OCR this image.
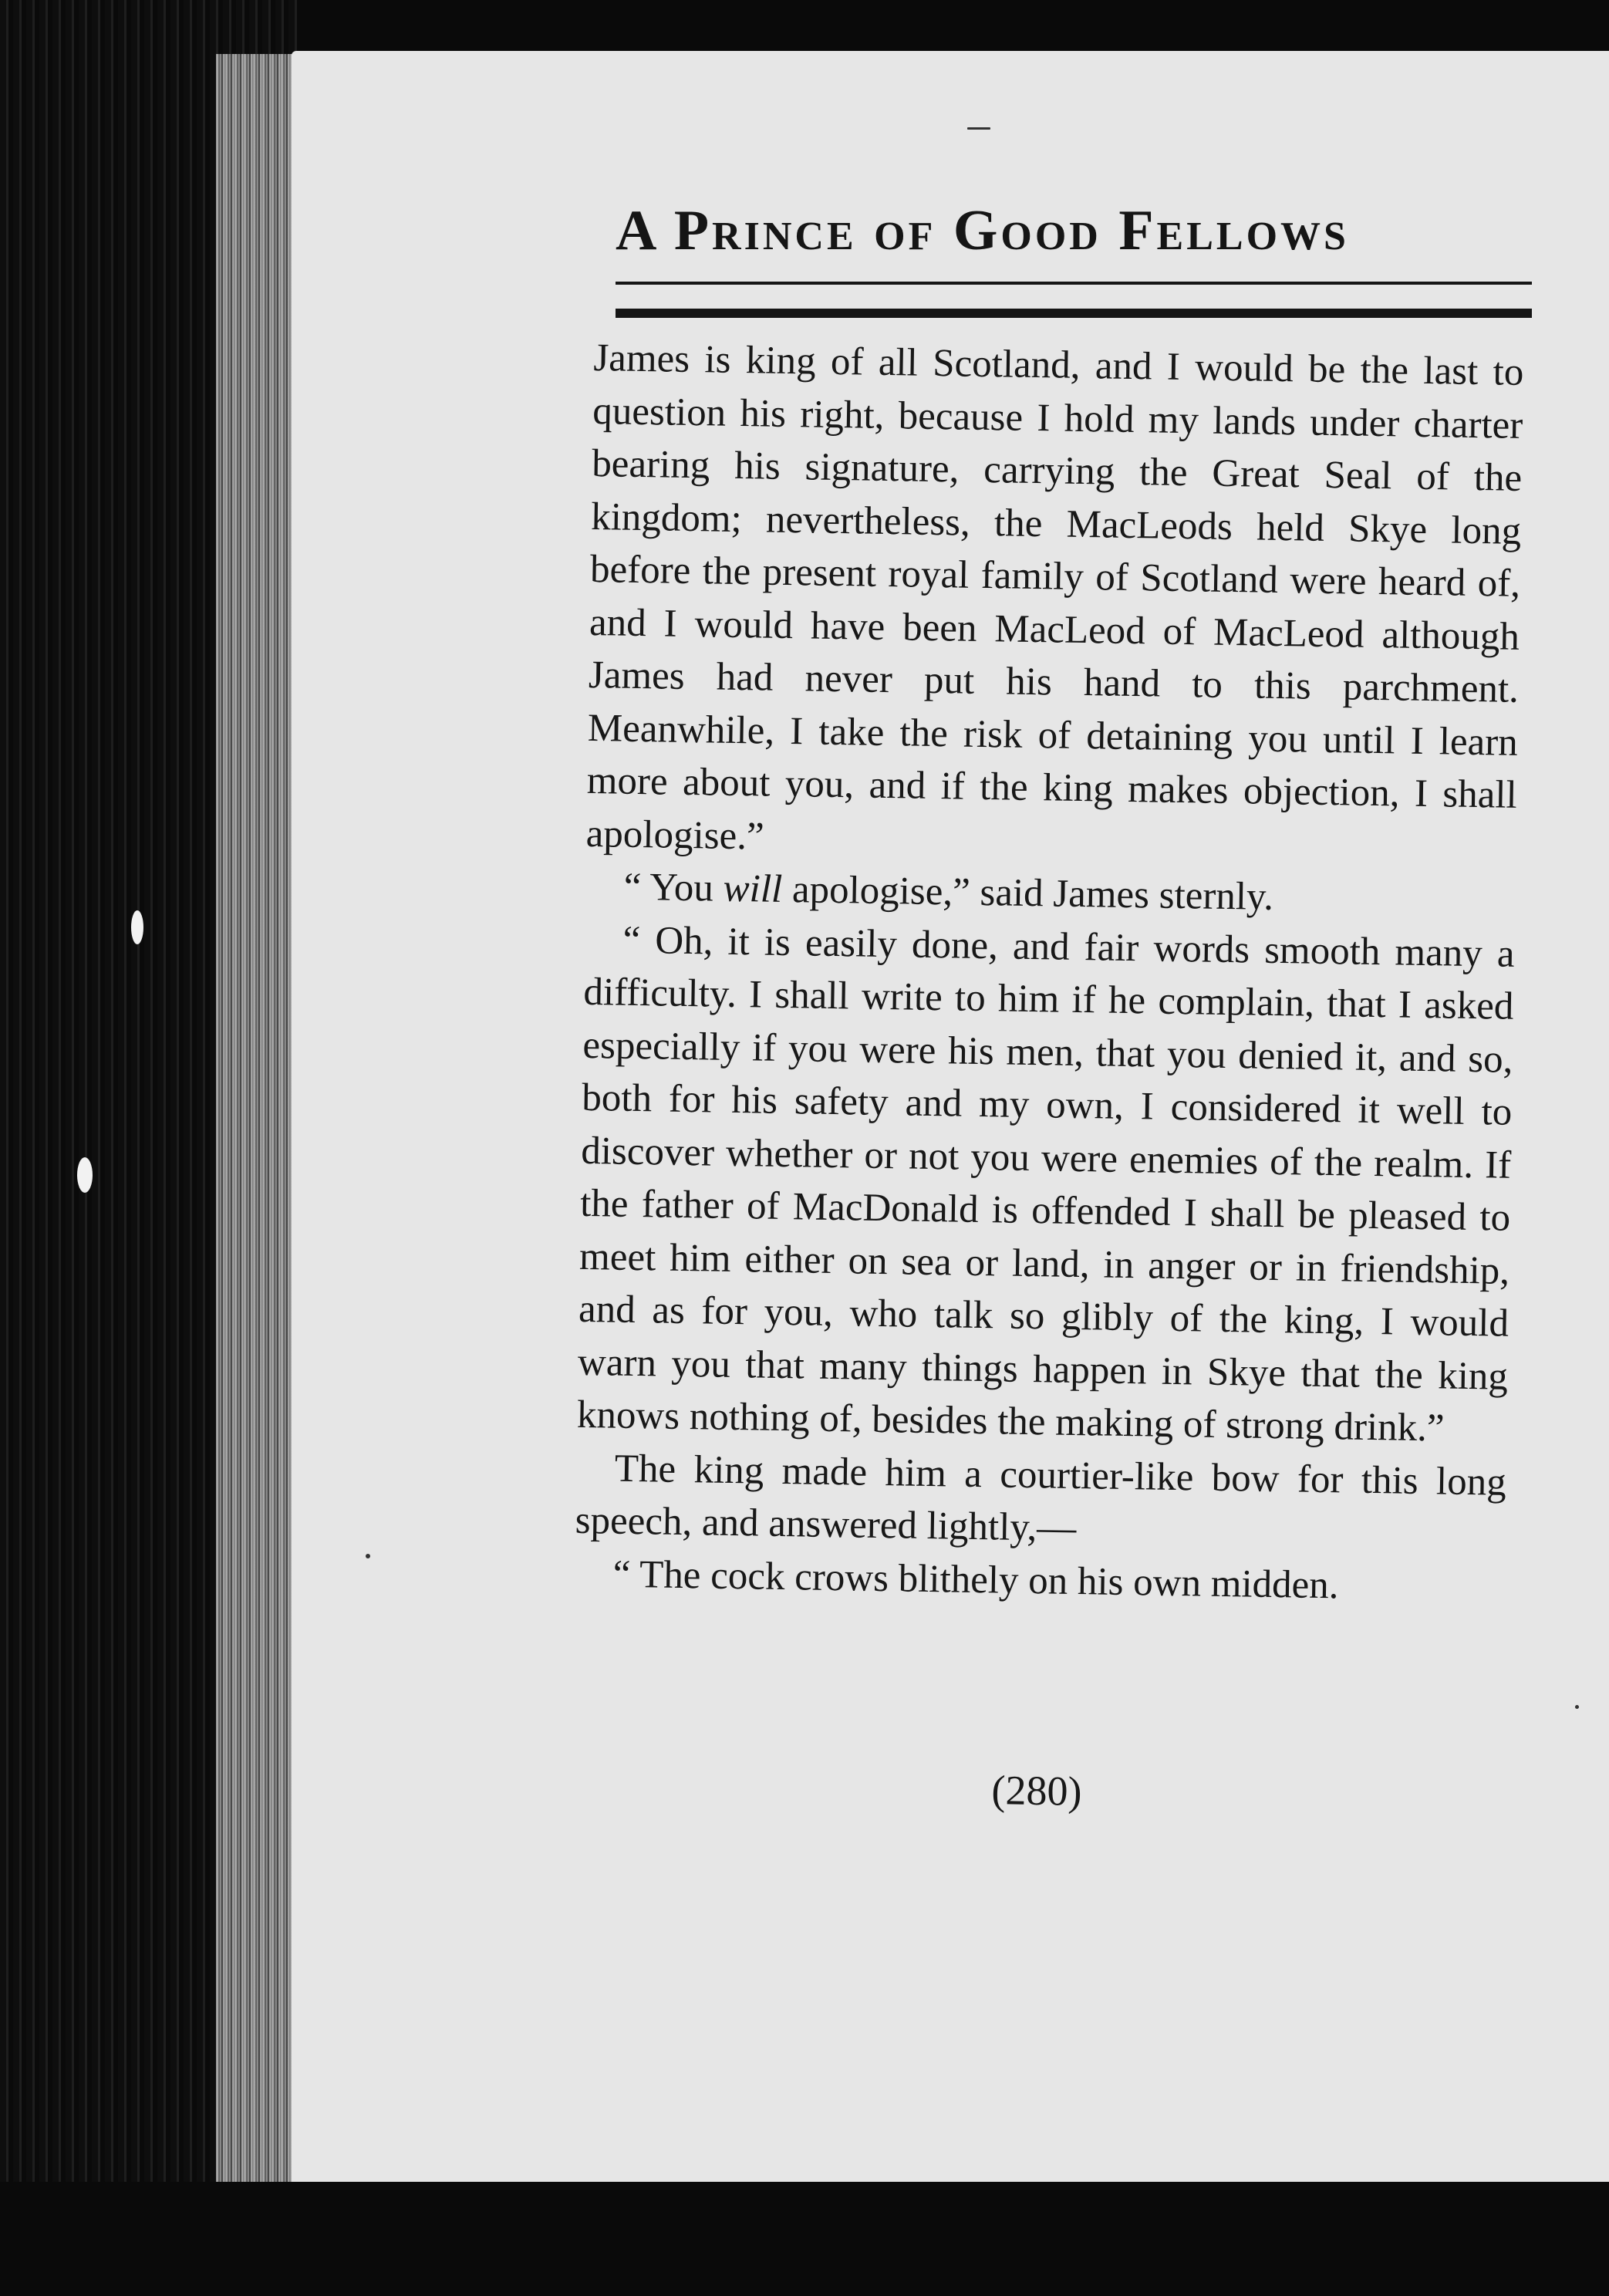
A Prince of Good Fellows

James is king of all Scotland, and I would be the last to question his right, because I hold my lands under charter bearing his signature, carrying the Great Seal of the kingdom; nevertheless, the MacLeods held Skye long before the present royal family of Scotland were heard of, and I would have been MacLeod of MacLeod although James had never put his hand to this parchment. Meanwhile, I take the risk of detaining you until I learn more about you, and if the king makes objection, I shall apologise.”

“ You will apologise,” said James sternly.

“ Oh, it is easily done, and fair words smooth many a difficulty. I shall write to him if he complain, that I asked especially if you were his men, that you denied it, and so, both for his safety and my own, I considered it well to discover whether or not you were enemies of the realm. If the father of MacDonald is offended I shall be pleased to meet him either on sea or land, in anger or in friendship, and as for you, who talk so glibly of the king, I would warn you that many things happen in Skye that the king knows nothing of, besides the making of strong drink.”

The king made him a courtier-like bow for this long speech, and answered lightly,—

“ The cock crows blithely on his own midden.

(280)
